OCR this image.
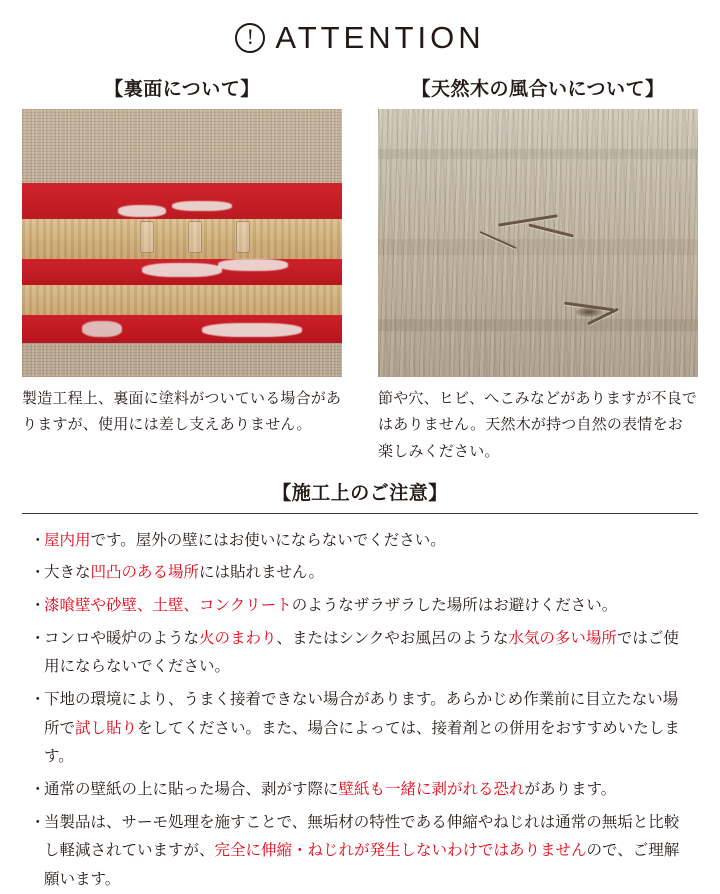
! ATTENTION
【裏面について】
製造工程上、裏面に塗料がついている場合がありますが、使用には差し支えありません。
【天然木の風合いについて】
節や穴、ヒビ、へこみなどがありますが不良ではありません。天然木が持つ自然の表情をお楽しみください。
【施工上のご注意】
・
屋内用です。屋外の壁にはお使いにならないでください。
・
大きな凹凸のある場所には貼れません。
・
漆喰壁や砂壁、土壁、コンクリートのようなザラザラした場所はお避けください。
・
コンロや暖炉のような火のまわり、またはシンクやお風呂のような水気の多い場所ではご使用にならないでください。
・
下地の環境により、うまく接着できない場合があります。あらかじめ作業前に目立たない場所で試し貼りをしてください。また、場合によっては、接着剤との併用をおすすめいたします。
・
通常の壁紙の上に貼った場合、剥がす際に壁紙も一緒に剥がれる恐れがあります。
・
当製品は、サーモ処理を施すことで、無垢材の特性である伸縮やねじれは通常の無垢と比較し軽減されていますが、完全に伸縮・ねじれが発生しないわけではありませんので、ご理解願います。
